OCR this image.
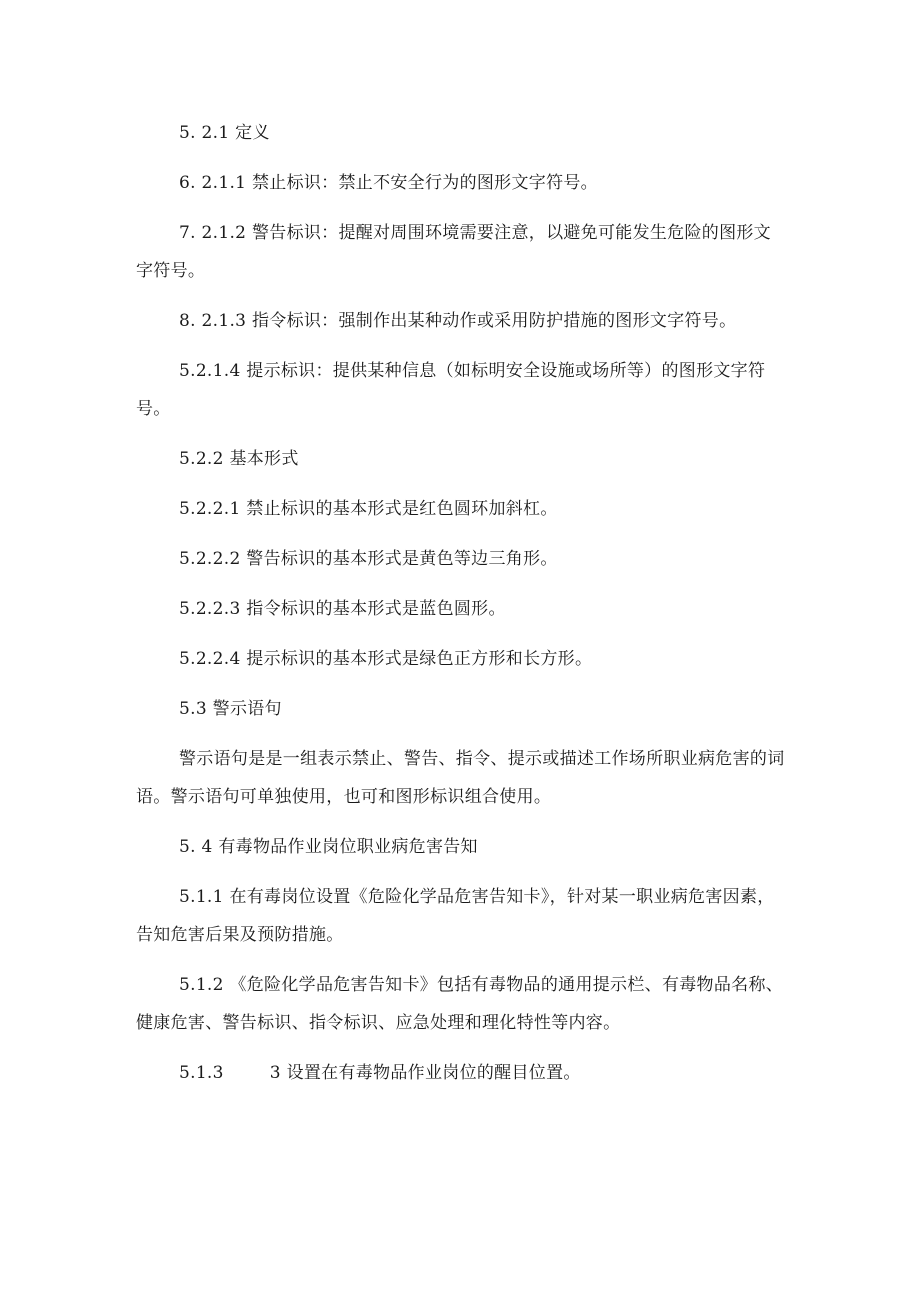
5. 2.1 定义

6. 2.1.1 禁止标识：禁止不安全行为的图形文字符号。

7. 2.1.2 警告标识：提醒对周围环境需要注意，以避免可能发生危险的图形文字符号。

8. 2.1.3 指令标识：强制作出某种动作或采用防护措施的图形文字符号。

5.2.1.4 提示标识：提供某种信息（如标明安全设施或场所等）的图形文字符号。

5.2.2 基本形式

5.2.2.1 禁止标识的基本形式是红色圆环加斜杠。

5.2.2.2 警告标识的基本形式是黄色等边三角形。

5.2.2.3 指令标识的基本形式是蓝色圆形。

5.2.2.4 提示标识的基本形式是绿色正方形和长方形。

5.3 警示语句

警示语句是是一组表示禁止、警告、指令、提示或描述工作场所职业病危害的词语。警示语句可单独使用，也可和图形标识组合使用。

5. 4 有毒物品作业岗位职业病危害告知

5.1.1 在有毒岗位设置《危险化学品危害告知卡》，针对某一职业病危害因素，告知危害后果及预防措施。

5.1.2 《危险化学品危害告知卡》包括有毒物品的通用提示栏、有毒物品名称、健康危害、警告标识、指令标识、应急处理和理化特性等内容。

5.1.3	3 设置在有毒物品作业岗位的醒目位置。
